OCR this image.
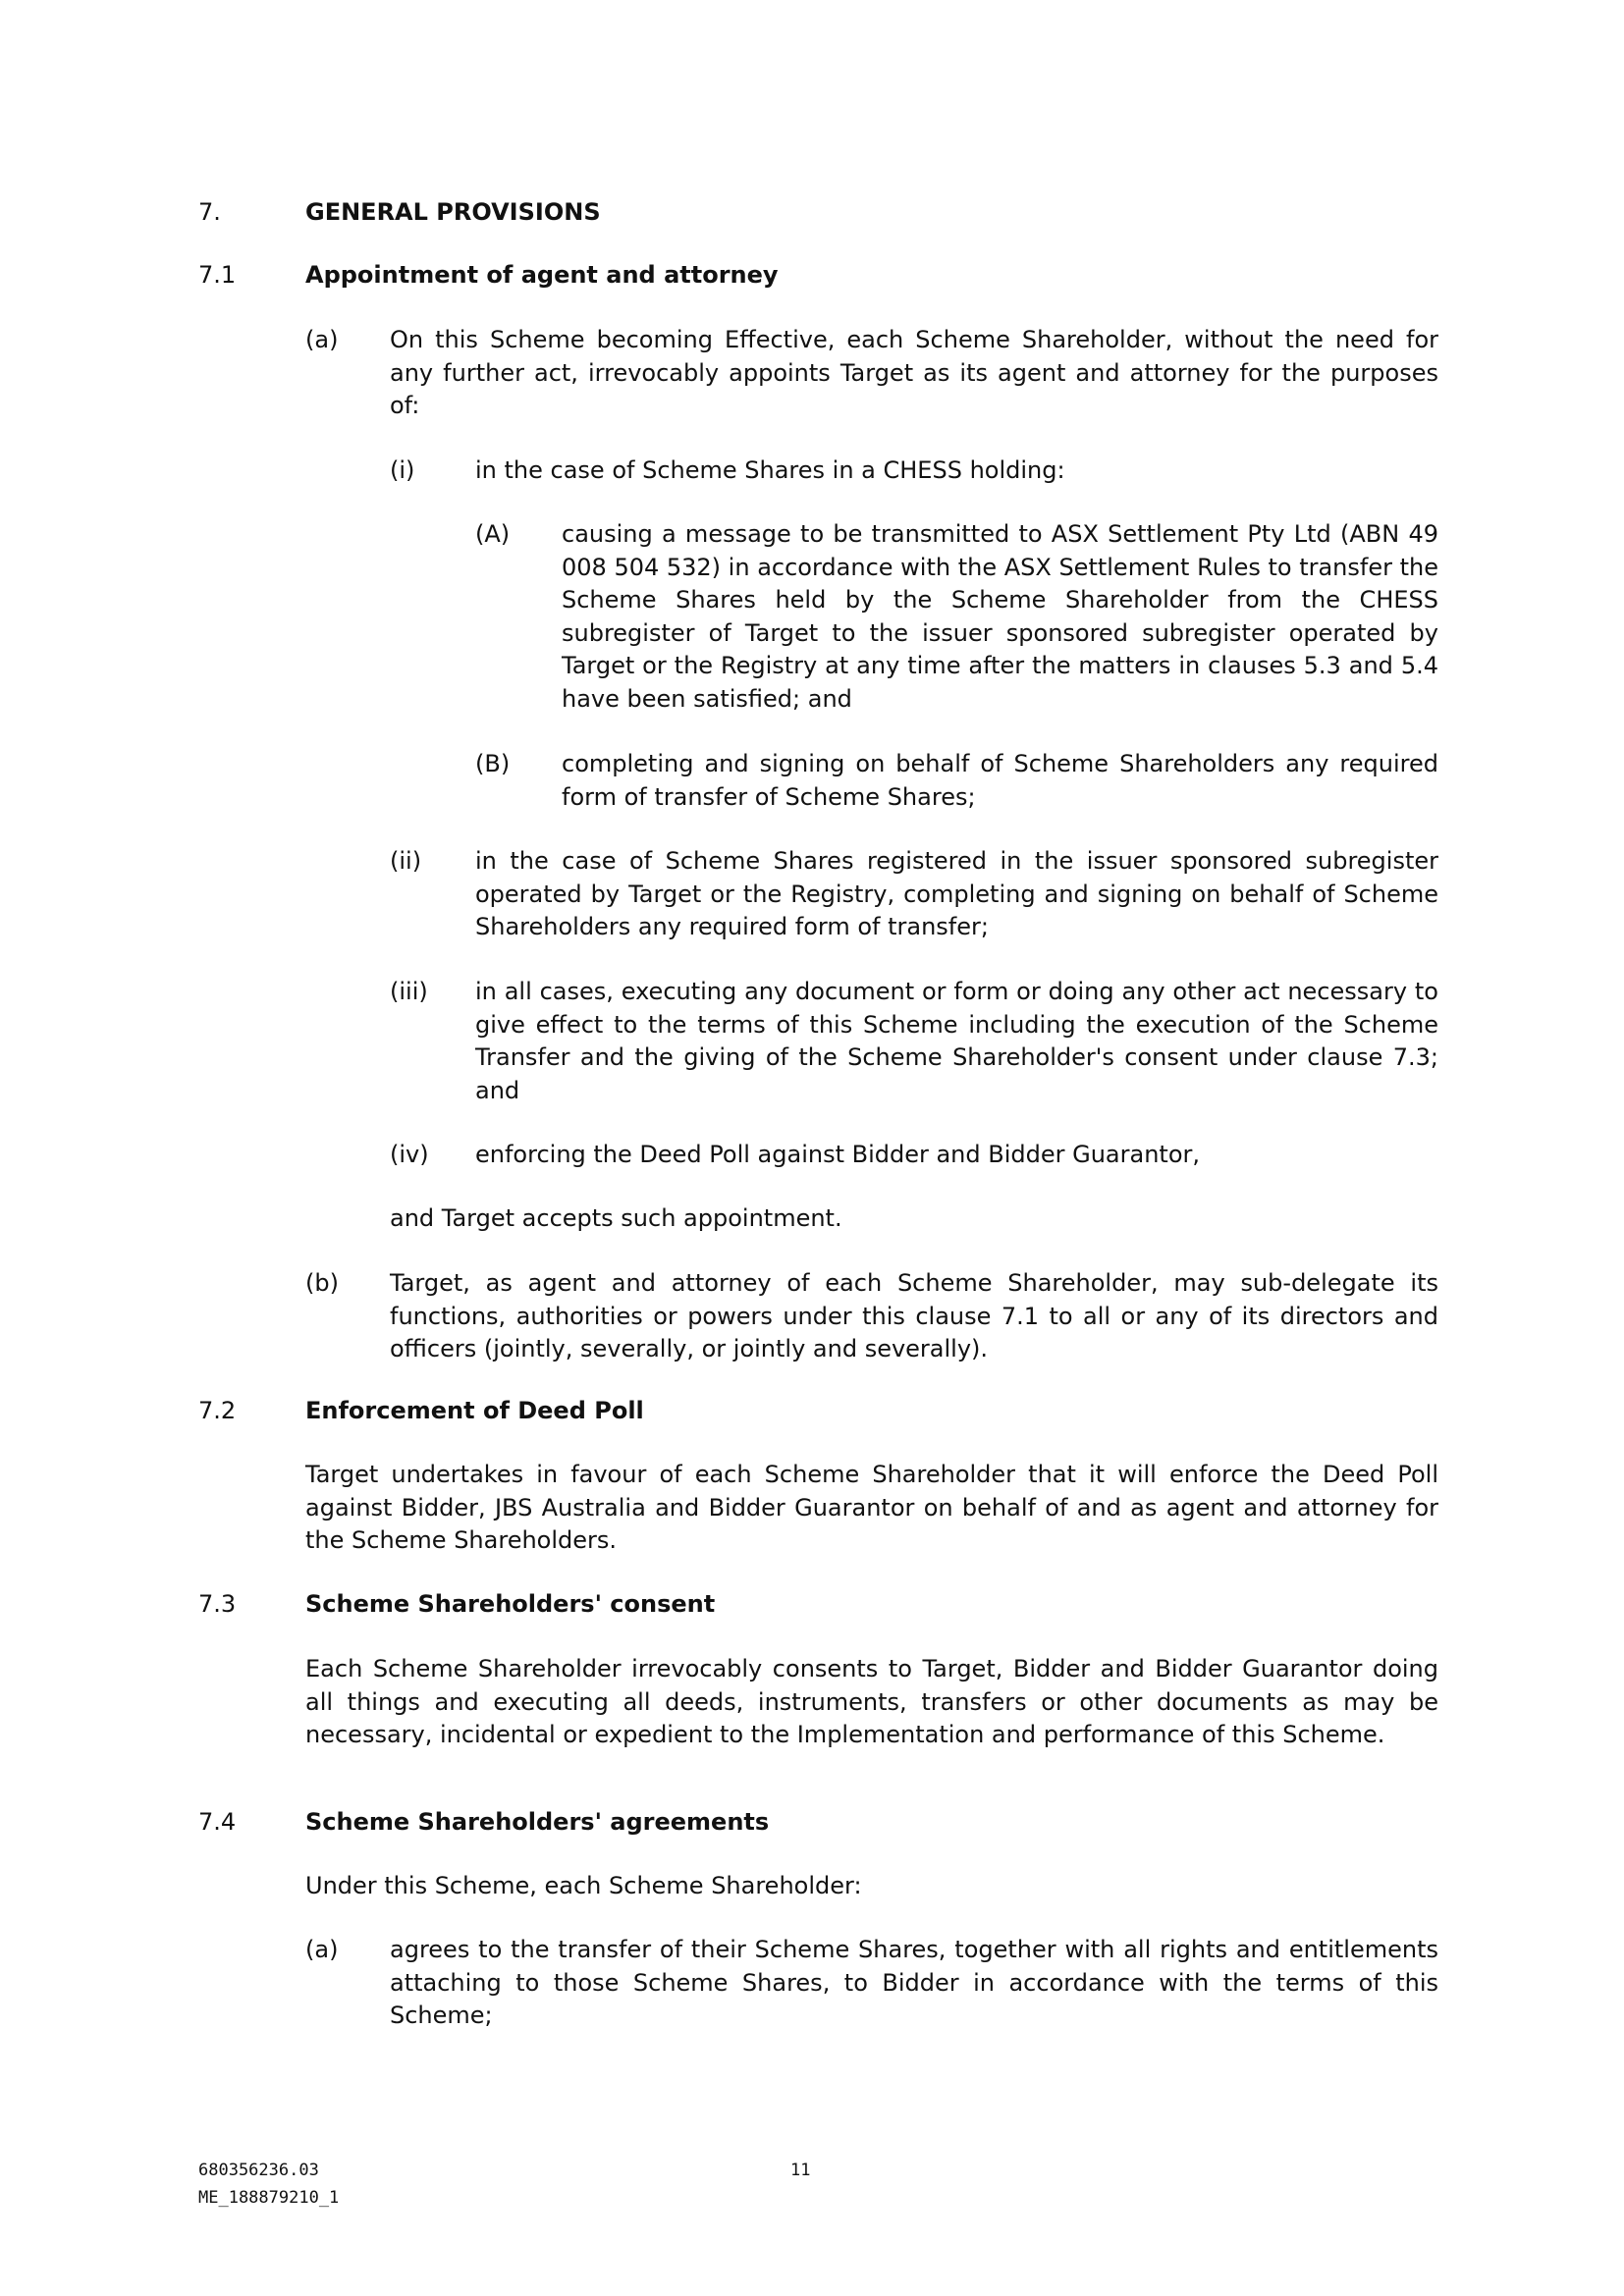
7.	GENERAL PROVISIONS
7.1	Appointment of agent and attorney
(a) On this Scheme becoming Effective, each Scheme Shareholder, without the need for any further act, irrevocably appoints Target as its agent and attorney for the purposes of:

(i)	in the case of Scheme Shares in a CHESS holding:

(A) causing a message to be transmitted to ASX Settlement Pty Ltd (ABN 49 008 504 532) in accordance with the ASX Settlement Rules to transfer the Scheme Shares held by the Scheme Shareholder from the CHESS subregister of Target to the issuer sponsored subregister operated by Target or the Registry at any time after the matters in clauses 5.3 and 5.4 have been satisfied; and

(B) completing and signing on behalf of Scheme Shareholders any required form of transfer of Scheme Shares;

(ii) in the case of Scheme Shares registered in the issuer sponsored subregister operated by Target or the Registry, completing and signing on behalf of Scheme Shareholders any required form of transfer;

(iii) in all cases, executing any document or form or doing any other act necessary to give effect to the terms of this Scheme including the execution of the Scheme Transfer and the giving of the Scheme Shareholder's consent under clause 7.3; and

(iv) enforcing the Deed Poll against Bidder and Bidder Guarantor,

and Target accepts such appointment.

(b) Target, as agent and attorney of each Scheme Shareholder, may sub-delegate its functions, authorities or powers under this clause 7.1 to all or any of its directors and officers (jointly, severally, or jointly and severally).

7.2	Enforcement of Deed Poll

Target undertakes in favour of each Scheme Shareholder that it will enforce the Deed Poll against Bidder, JBS Australia and Bidder Guarantor on behalf of and as agent and attorney for the Scheme Shareholders.

7.3	Scheme Shareholders' consent

Each Scheme Shareholder irrevocably consents to Target, Bidder and Bidder Guarantor doing all things and executing all deeds, instruments, transfers or other documents as may be necessary, incidental or expedient to the Implementation and performance of this Scheme.

7.4	Scheme Shareholders' agreements

Under this Scheme, each Scheme Shareholder:

(a) agrees to the transfer of their Scheme Shares, together with all rights and entitlements attaching to those Scheme Shares, to Bidder in accordance with the terms of this Scheme;

680356236.03	11
ME_188879210_1
